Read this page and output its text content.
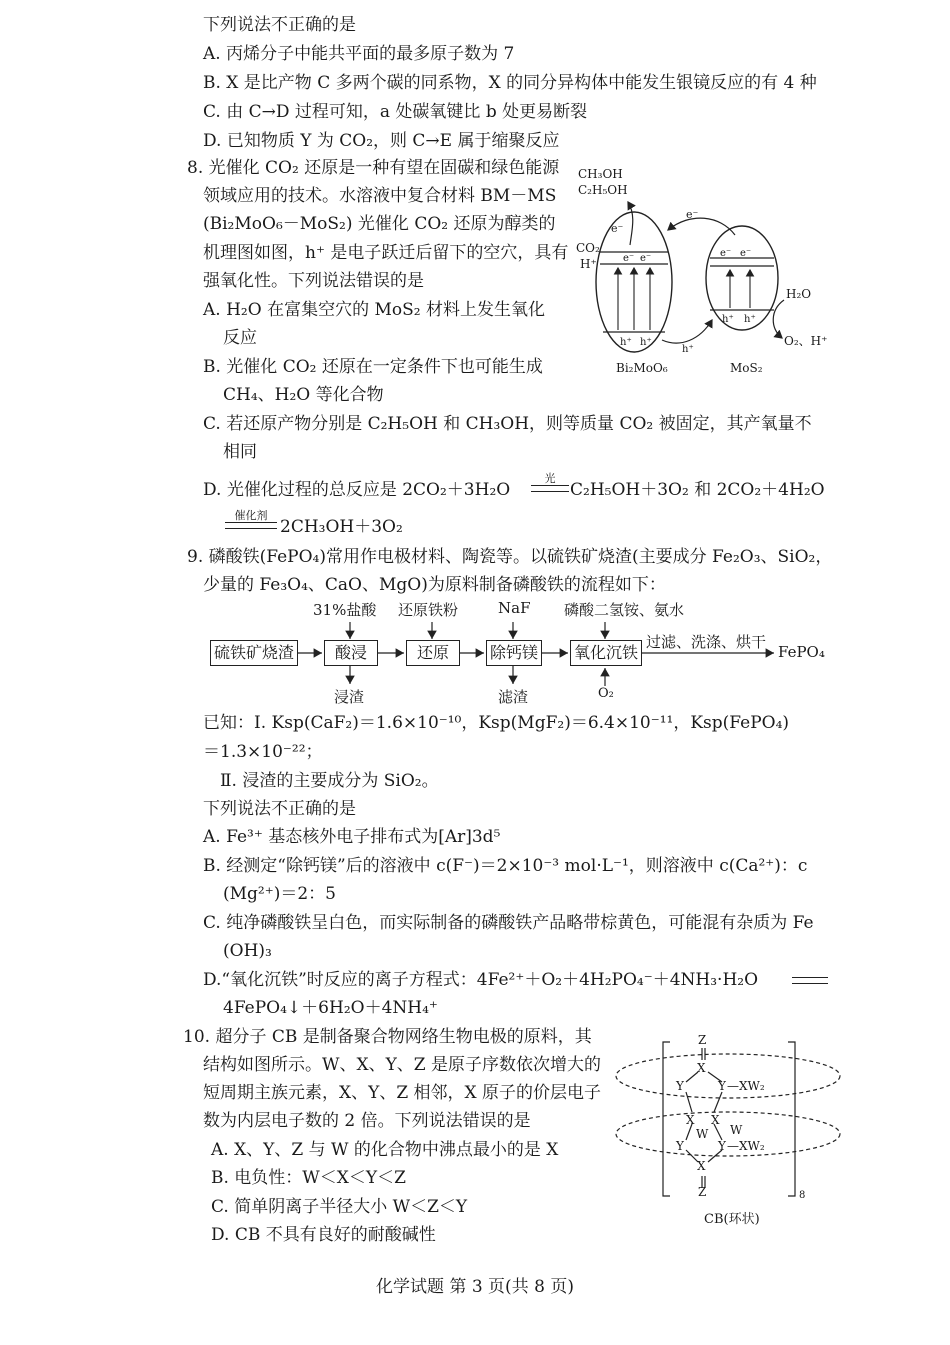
下列说法不正确的是
A. 丙烯分子中能共平面的最多原子数为 7
B. X 是比产物 C 多两个碳的同系物，X 的同分异构体中能发生银镜反应的有 4 种
C. 由 C→D 过程可知，a 处碳氧键比 b 处更易断裂
D. 已知物质 Y 为 CO₂，则 C→E 属于缩聚反应
8. 光催化 CO₂ 还原是一种有望在固碳和绿色能源
领域应用的技术。水溶液中复合材料 BM－MS
(Bi₂MoO₆－MoS₂) 光催化 CO₂ 还原为醇类的
机理图如图，h⁺ 是电子跃迁后留下的空穴，具有
强氧化性。下列说法错误的是
A. H₂O 在富集空穴的 MoS₂ 材料上发生氧化
反应
B. 光催化 CO₂ 还原在一定条件下也可能生成
CH₄、H₂O 等化合物
C. 若还原产物分别是 C₂H₅OH 和 CH₃OH，则等质量 CO₂ 被固定，其产氧量不
相同
D. 光催化过程的总反应是 2CO₂＋3H₂O
光
C₂H₅OH＋3O₂ 和 2CO₂＋4H₂O
催化剂
2CH₃OH＋3O₂
CH₃OH
C₂H₅OH
CO₂
H⁺
e⁻
e⁻ e⁻
h⁺ h⁺
e⁻ e⁻
h⁺ h⁺
e⁻
h⁺
H₂O
O₂、H⁺
Bi₂MoO₆	MoS₂
9. 磷酸铁(FePO₄)常用作电极材料、陶瓷等。以硫铁矿烧渣(主要成分 Fe₂O₃、SiO₂，
少量的 Fe₃O₄、CaO、MgO)为原料制备磷酸铁的流程如下：
31%盐酸 还原铁粉	NaF 磷酸二氢铵、氨水
硫铁矿烧渣	酸浸	还原	除钙镁 氧化沉铁
过滤、洗涤、烘干
FePO₄
浸渣	滤渣	O₂
已知：Ⅰ. Ksp(CaF₂)＝1.6×10⁻¹⁰，Ksp(MgF₂)＝6.4×10⁻¹¹，Ksp(FePO₄)
＝1.3×10⁻²²；
Ⅱ. 浸渣的主要成分为 SiO₂。
下列说法不正确的是
A. Fe³⁺ 基态核外电子排布式为[Ar]3d⁵
B. 经测定“除钙镁”后的溶液中 c(F⁻)＝2×10⁻³ mol·L⁻¹，则溶液中 c(Ca²⁺)：c
(Mg²⁺)＝2：5
C. 纯净磷酸铁呈白色，而实际制备的磷酸铁产品略带棕黄色，可能混有杂质为 Fe
(OH)₃
D.“氧化沉铁”时反应的离子方程式：4Fe²⁺＋O₂＋4H₂PO₄⁻＋4NH₃·H₂O
4FePO₄↓＋6H₂O＋4NH₄⁺
10. 超分子 CB 是制备聚合物网络生物电极的原料，其
结构如图所示。W、X、Y、Z 是原子序数依次增大的
短周期主族元素，X、Y、Z 相邻，X 原子的价层电子
数为内层电子数的 2 倍。下列说法错误的是
A. X、Y、Z 与 W 的化合物中沸点最小的是 X
B. 电负性：W＜X＜Y＜Z
C. 简单阴离子半径大小 W＜Z＜Y
D. CB 不具有良好的耐酸碱性
Z
X
Y	Y —XW₂
X X
W W
Y	Y —XW₂
X
Z	8
CB(环状)
化学试题 第 3 页(共 8 页)
